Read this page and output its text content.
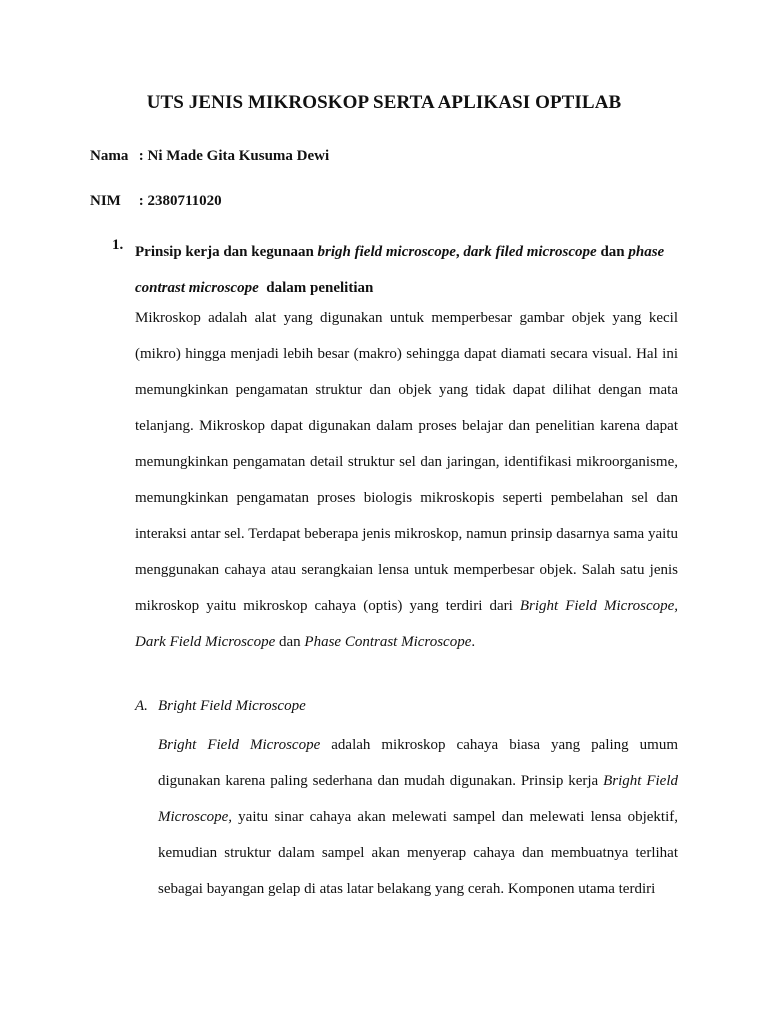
UTS JENIS MIKROSKOP SERTA APLIKASI OPTILAB
Nama : Ni Made Gita Kusuma Dewi
NIM : 2380711020
1. Prinsip kerja dan kegunaan brigh field microscope, dark filed microscope dan phase contrast microscope  dalam penelitian

Mikroskop adalah alat yang digunakan untuk memperbesar gambar objek yang kecil (mikro) hingga menjadi lebih besar (makro) sehingga dapat diamati secara visual. Hal ini memungkinkan pengamatan struktur dan objek yang tidak dapat dilihat dengan mata telanjang. Mikroskop dapat digunakan dalam proses belajar dan penelitian karena dapat memungkinkan pengamatan detail struktur sel dan jaringan, identifikasi mikroorganisme, memungkinkan pengamatan proses biologis mikroskopis seperti pembelahan sel dan interaksi antar sel. Terdapat beberapa jenis mikroskop, namun prinsip dasarnya sama yaitu menggunakan cahaya atau serangkaian lensa untuk memperbesar objek. Salah satu jenis mikroskop yaitu mikroskop cahaya (optis) yang terdiri dari Bright Field Microscope, Dark Field Microscope dan Phase Contrast Microscope.

A. Bright Field Microscope

Bright Field Microscope adalah mikroskop cahaya biasa yang paling umum digunakan karena paling sederhana dan mudah digunakan. Prinsip kerja Bright Field Microscope, yaitu sinar cahaya akan melewati sampel dan melewati lensa objektif, kemudian struktur dalam sampel akan menyerap cahaya dan membuatnya terlihat sebagai bayangan gelap di atas latar belakang yang cerah. Komponen utama terdiri
